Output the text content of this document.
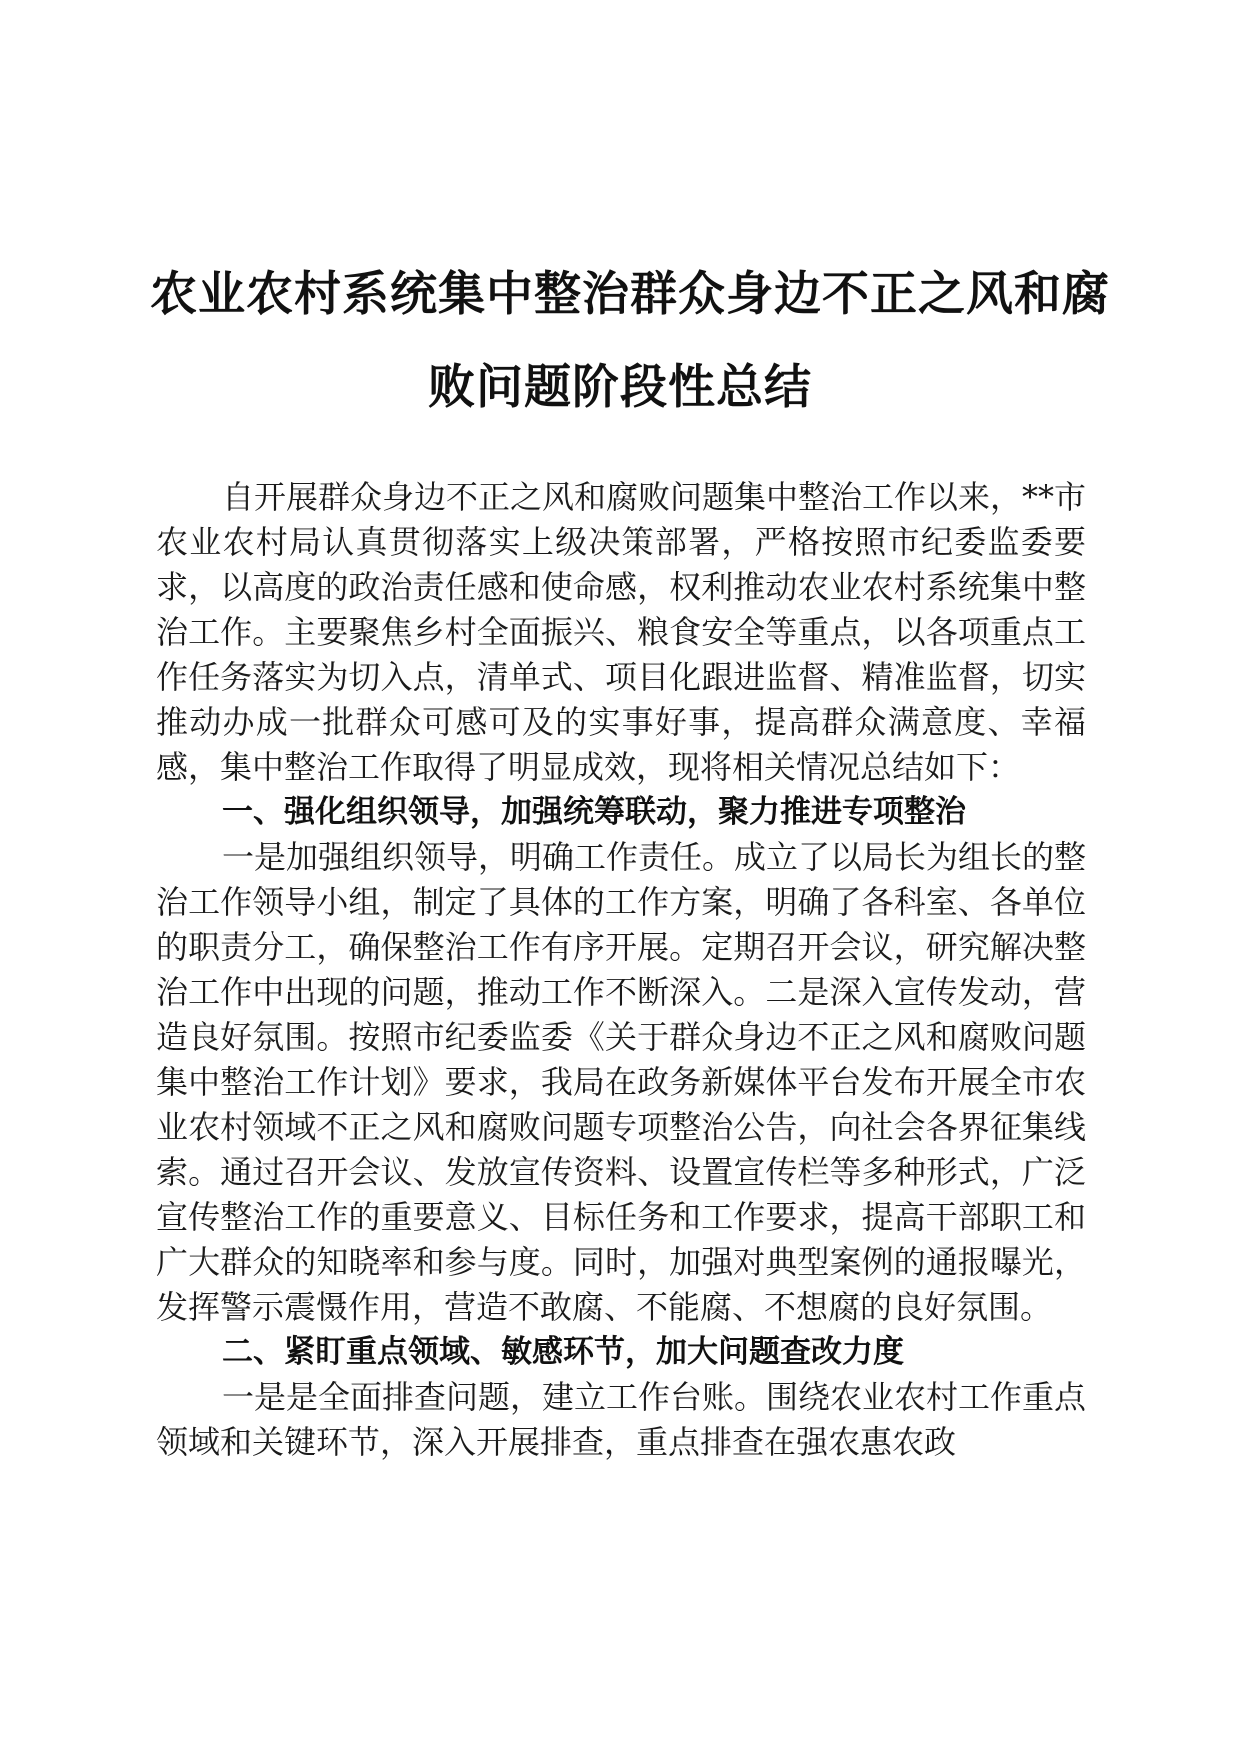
农业农村系统集中整治群众身边不正之风和腐
败问题阶段性总结

自开展群众身边不正之风和腐败问题集中整治工作以来，**市农业农村局认真贯彻落实上级决策部署，严格按照市纪委监委要求，以高度的政治责任感和使命感，权利推动农业农村系统集中整治工作。主要聚焦乡村全面振兴、粮食安全等重点，以各项重点工作任务落实为切入点，清单式、项目化跟进监督、精准监督，切实推动办成一批群众可感可及的实事好事，提高群众满意度、幸福感，集中整治工作取得了明显成效，现将相关情况总结如下：

一、强化组织领导，加强统筹联动，聚力推进专项整治

一是加强组织领导，明确工作责任。成立了以局长为组长的整治工作领导小组，制定了具体的工作方案，明确了各科室、各单位的职责分工，确保整治工作有序开展。定期召开会议，研究解决整治工作中出现的问题，推动工作不断深入。二是深入宣传发动，营造良好氛围。按照市纪委监委《关于群众身边不正之风和腐败问题集中整治工作计划》要求，我局在政务新媒体平台发布开展全市农业农村领域不正之风和腐败问题专项整治公告，向社会各界征集线索。通过召开会议、发放宣传资料、设置宣传栏等多种形式，广泛宣传整治工作的重要意义、目标任务和工作要求，提高干部职工和广大群众的知晓率和参与度。同时，加强对典型案例的通报曝光，发挥警示震慑作用，营造不敢腐、不能腐、不想腐的良好氛围。

二、紧盯重点领域、敏感环节，加大问题查改力度

一是是全面排查问题，建立工作台账。围绕农业农村工作重点领域和关键环节，深入开展排查，重点排查在强农惠农政
